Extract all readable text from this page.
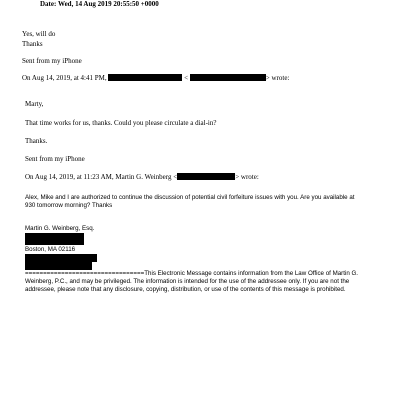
Date: Wed, 14 Aug 2019 20:55:50 +0000
Yes, will do
Thanks
Sent from my iPhone
On Aug 14, 2019, at 4:41 PM,	<	> wrote:
Marty,
That time works for us, thanks. Could you please circulate a dial-in?
Thanks.
Sent from my iPhone
On Aug 14, 2019, at 11:23 AM, Martin G. Weinberg <	> wrote:
Alex, Mike and I are authorized to continue the discussion of potential civil forfeiture issues with you. Are you available at 930 tomorrow morning? Thanks
Martin G. Weinberg, Esq.
Boston, MA 02116
=================================This Electronic Message contains information from the Law Office of Martin G. Weinberg, P.C., and may be privileged. The information is intended for the use of the addressee only. If you are not the addressee, please note that any disclosure, copying, distribution, or use of the contents of this message is prohibited.
